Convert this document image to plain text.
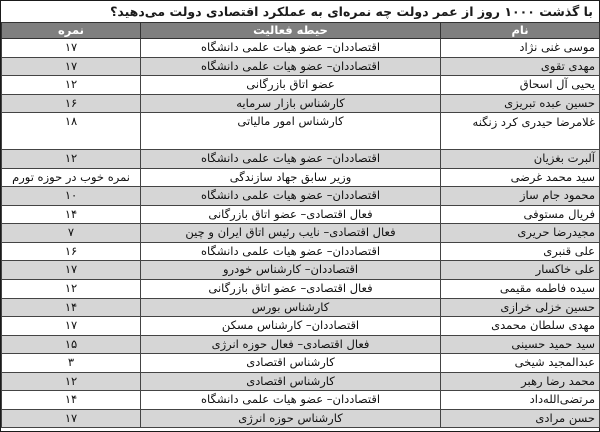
با گذشت ۱۰۰۰ روز از عمر دولت چه نمره‌ای به عملکرد اقتصادی دولت می‌دهید؟
نام	حیطه فعالیت	نمره
موسی غنی نژاد	اقتصاددان– عضو هیات علمی دانشگاه	۱۷
مهدی تقوی	اقتصاددان– عضو هیات علمی دانشگاه	۱۷
یحیی آل اسحاق	عضو اتاق بازرگانی	۱۲
حسین عبده تبریزی	کارشناس بازار سرمایه	۱۶
غلامرضا حیدری کرد زنگنه	کارشناس امور مالیاتی	۱۸
آلبرت بغزیان	اقتصاددان– عضو هیات علمی دانشگاه	۱۲
سید محمد غرضی	وزیر سابق جهاد سازندگی	نمره خوب در حوزه تورم
محمود جام ساز	اقتصاددان– عضو هیات علمی دانشگاه	۱۰
فریال مستوفی	فعال اقتصادی– عضو اتاق بازرگانی	۱۴
مجیدرضا حریری	فعال اقتصادی– نایب رئیس اتاق ایران و چین	۷
علی قنبری	اقتصاددان– عضو هیات علمی دانشگاه	۱۶
علی خاکسار	اقتصاددان– کارشناس خودرو	۱۷
سیده فاطمه مقیمی	فعال اقتصادی– عضو اتاق بازرگانی	۱۲
حسین خزلی خرازی	کارشناس بورس	۱۴
مهدی سلطان محمدی	اقتصاددان– کارشناس مسکن	۱۷
سید حمید حسینی	فعال اقتصادی– فعال حوزه انرژی	۱۵
عبدالمجید شیخی	کارشناس اقتصادی	۳
محمد رضا رهبر	کارشناس اقتصادی	۱۲
مرتضی‌الله‌داد	اقتصاددان– عضو هیات علمی دانشگاه	۱۴
حسن مرادی	کارشناس حوزه انرژی	۱۷
